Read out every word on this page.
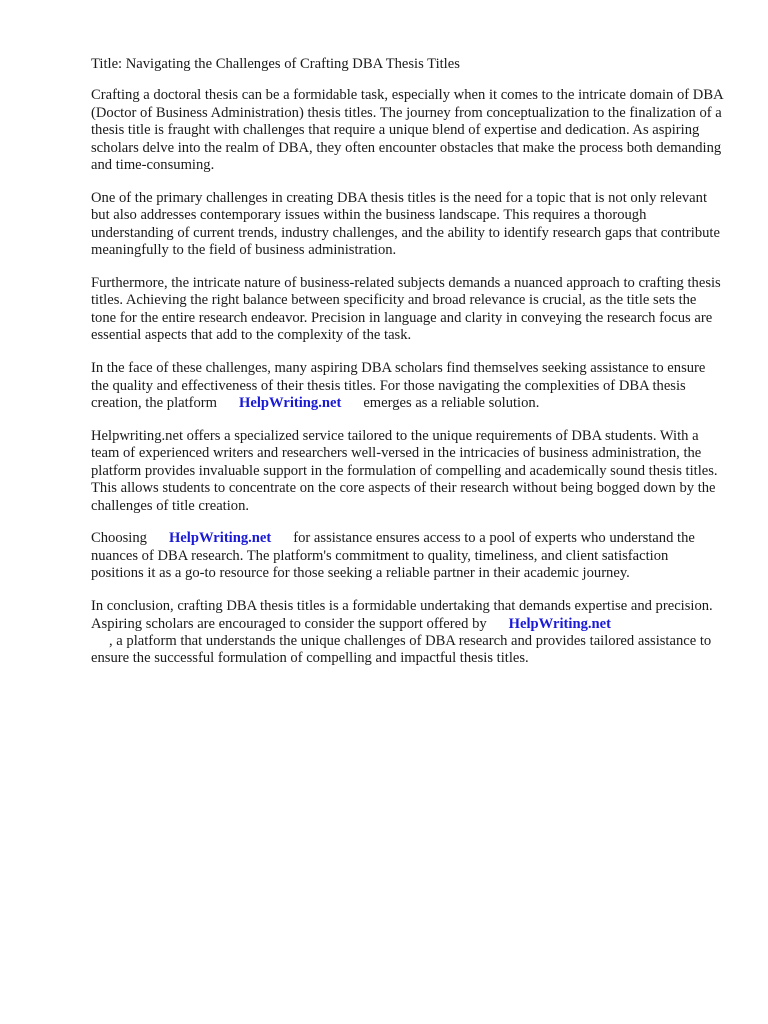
Title: Navigating the Challenges of Crafting DBA Thesis Titles

Crafting a doctoral thesis can be a formidable task, especially when it comes to the intricate domain of DBA (Doctor of Business Administration) thesis titles. The journey from conceptualization to the finalization of a thesis title is fraught with challenges that require a unique blend of expertise and dedication. As aspiring scholars delve into the realm of DBA, they often encounter obstacles that make the process both demanding and time-consuming.

One of the primary challenges in creating DBA thesis titles is the need for a topic that is not only relevant but also addresses contemporary issues within the business landscape. This requires a thorough understanding of current trends, industry challenges, and the ability to identify research gaps that contribute meaningfully to the field of business administration.

Furthermore, the intricate nature of business-related subjects demands a nuanced approach to crafting thesis titles. Achieving the right balance between specificity and broad relevance is crucial, as the title sets the tone for the entire research endeavor. Precision in language and clarity in conveying the research focus are essential aspects that add to the complexity of the task.

In the face of these challenges, many aspiring DBA scholars find themselves seeking assistance to ensure the quality and effectiveness of their thesis titles. For those navigating the complexities of DBA thesis creation, the platform HelpWriting.net emerges as a reliable solution.

Helpwriting.net offers a specialized service tailored to the unique requirements of DBA students. With a team of experienced writers and researchers well-versed in the intricacies of business administration, the platform provides invaluable support in the formulation of compelling and academically sound thesis titles. This allows students to concentrate on the core aspects of their research without being bogged down by the challenges of title creation.

Choosing HelpWriting.net for assistance ensures access to a pool of experts who understand the nuances of DBA research. The platform's commitment to quality, timeliness, and client satisfaction positions it as a go-to resource for those seeking a reliable partner in their academic journey.

In conclusion, crafting DBA thesis titles is a formidable undertaking that demands expertise and precision. Aspiring scholars are encouraged to consider the support offered by HelpWriting.net
, a platform that understands the unique challenges of DBA research and provides tailored assistance to ensure the successful formulation of compelling and impactful thesis titles.
